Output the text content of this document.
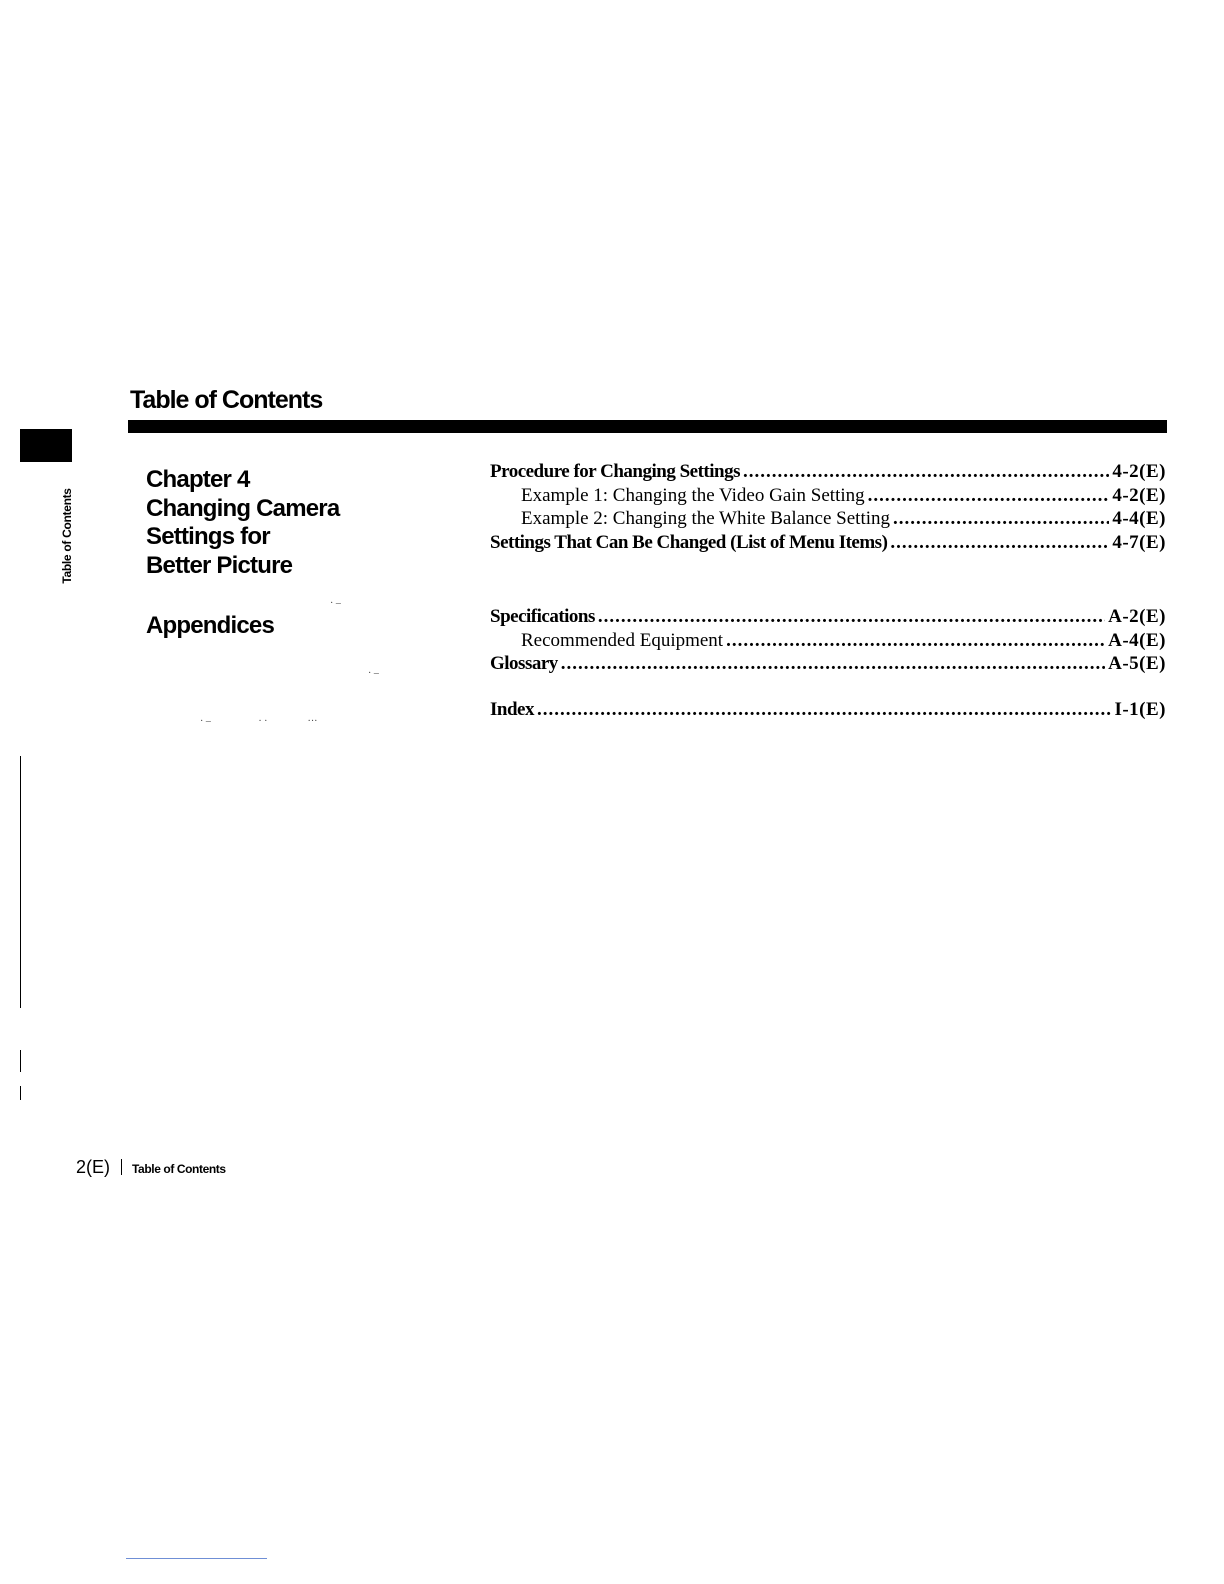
Table of Contents
Table of Contents
Chapter 4
Changing Camera
Settings for
Better Picture
Appendices
Procedure for Changing Settings .....	4-2(E)
Example 1: Changing the Video Gain Setting .....	4-2(E)
Example 2: Changing the White Balance Setting .....	4-4(E)
Settings That Can Be Changed (List of Menu Items) .....	4-7(E)
Specifications .....	A-2(E)
Recommended Equipment .....	A-4(E)
Glossary .....	A-5(E)
Index .....	I-1(E)
· –
· –
· –                   · ·                ···
2(E) Table of Contents
